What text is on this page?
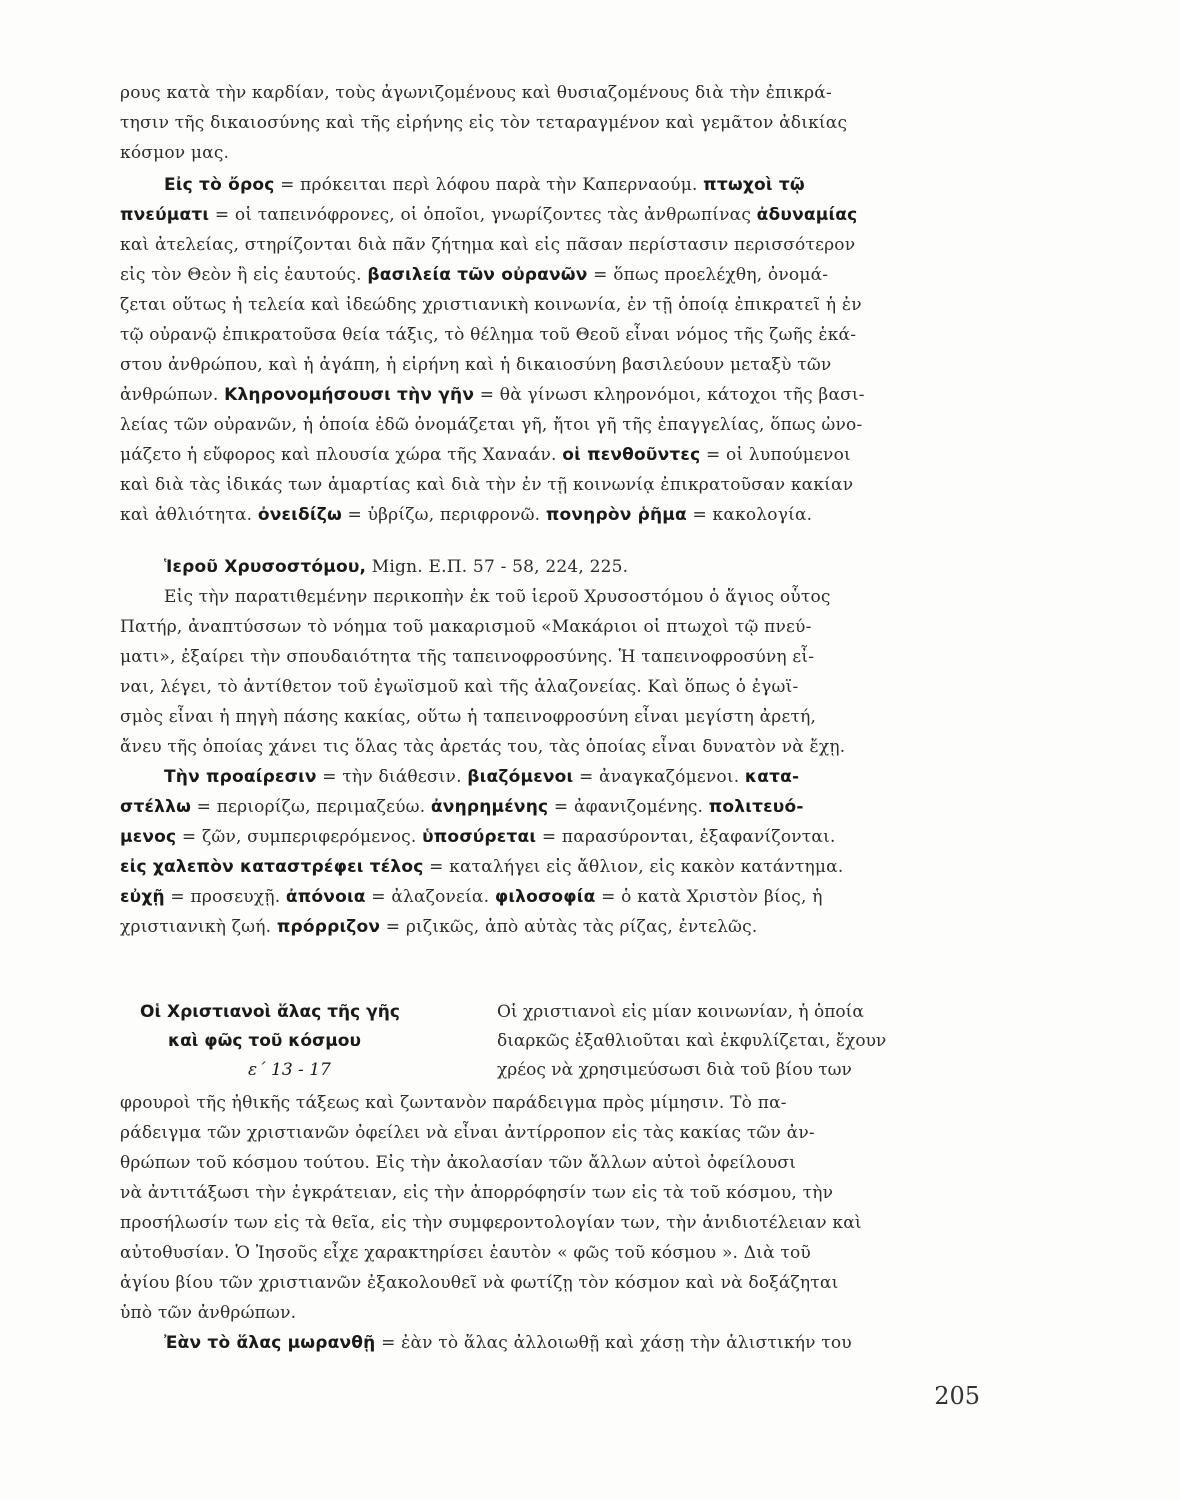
ρους κατὰ τὴν καρδίαν, τοὺς ἀγωνιζομένους καὶ θυσιαζομένους διὰ τὴν ἐπικρά-
τησιν τῆς δικαιοσύνης καὶ τῆς εἰρήνης εἰς τὸν τεταραγμένον καὶ γεμᾶτον ἀδικίας
κόσμον μας.
Εἰς τὸ ὄρος = πρόκειται περὶ λόφου παρὰ τὴν Καπερναούμ. πτωχοὶ τῷ
πνεύματι = οἱ ταπεινόφρονες, οἱ ὁποῖοι, γνωρίζοντες τὰς ἀνθρωπίνας ἀδυναμίας
καὶ ἀτελείας, στηρίζονται διὰ πᾶν ζήτημα καὶ εἰς πᾶσαν περίστασιν περισσότερον
εἰς τὸν Θεὸν ἢ εἰς ἑαυτούς. βασιλεία τῶν οὐρανῶν = ὅπως προελέχθη, ὀνομά-
ζεται οὕτως ἡ τελεία καὶ ἰδεώδης χριστιανικὴ κοινωνία, ἐν τῇ ὁποίᾳ ἐπικρατεῖ ἡ ἐν
τῷ οὐρανῷ ἐπικρατοῦσα θεία τάξις, τὸ θέλημα τοῦ Θεοῦ εἶναι νόμος τῆς ζωῆς ἑκά-
στου ἀνθρώπου, καὶ ἡ ἀγάπη, ἡ εἰρήνη καὶ ἡ δικαιοσύνη βασιλεύουν μεταξὺ τῶν
ἀνθρώπων. Κληρονομήσουσι τὴν γῆν = θὰ γίνωσι κληρονόμοι, κάτοχοι τῆς βασι-
λείας τῶν οὐρανῶν, ἡ ὁποία ἐδῶ ὀνομάζεται γῆ, ἤτοι γῆ τῆς ἐπαγγελίας, ὅπως ὠνο-
μάζετο ἡ εὔφορος καὶ πλουσία χώρα τῆς Χαναάν. οἱ πενθοῦντες = οἱ λυπούμενοι
καὶ διὰ τὰς ἰδικάς των ἁμαρτίας καὶ διὰ τὴν ἐν τῇ κοινωνίᾳ ἐπικρατοῦσαν κακίαν
καὶ ἀθλιότητα. ὀνειδίζω = ὑβρίζω, περιφρονῶ. πονηρὸν ῥῆμα = κακολογία.
Ἱεροῦ Χρυσοστόμου, Mign. E.Π. 57 - 58, 224, 225.
Εἰς τὴν παρατιθεμένην περικοπὴν ἐκ τοῦ ἱεροῦ Χρυσοστόμου ὁ ἅγιος οὗτος
Πατήρ, ἀναπτύσσων τὸ νόημα τοῦ μακαρισμοῦ «Μακάριοι οἱ πτωχοὶ τῷ πνεύ-
ματι», ἐξαίρει τὴν σπουδαιότητα τῆς ταπεινοφροσύνης. Ἡ ταπεινοφροσύνη εἶ-
ναι, λέγει, τὸ ἀντίθετον τοῦ ἐγωϊσμοῦ καὶ τῆς ἀλαζονείας. Καὶ ὅπως ὁ ἐγωϊ-
σμὸς εἶναι ἡ πηγὴ πάσης κακίας, οὕτω ἡ ταπεινοφροσύνη εἶναι μεγίστη ἀρετή,
ἄνευ τῆς ὁποίας χάνει τις ὅλας τὰς ἀρετάς του, τὰς ὁποίας εἶναι δυνατὸν νὰ ἔχῃ.
Τὴν προαίρεσιν = τὴν διάθεσιν. βιαζόμενοι = ἀναγκαζόμενοι. κατα-
στέλλω = περιορίζω, περιμαζεύω. ἀνηρημένης = ἀφανιζομένης. πολιτευό-
μενος = ζῶν, συμπεριφερόμενος. ὑποσύρεται = παρασύρονται, ἐξαφανίζονται.
εἰς χαλεπὸν καταστρέφει τέλος = καταλήγει εἰς ἄθλιον, εἰς κακὸν κατάντημα.
εὐχῇ = προσευχῇ. ἀπόνοια = ἀλαζονεία. φιλοσοφία = ὁ κατὰ Χριστὸν βίος, ἡ
χριστιανικὴ ζωή. πρόρριζον = ριζικῶς, ἀπὸ αὐτὰς τὰς ρίζας, ἐντελῶς.
Οἱ Χριστιανοὶ ἅλας τῆς γῆς
καὶ φῶς τοῦ κόσμου
ε΄ 13 - 17
Οἱ χριστιανοὶ εἰς μίαν κοινωνίαν, ἡ ὁποία
διαρκῶς ἐξαθλιοῦται καὶ ἐκφυλίζεται, ἔχουν
χρέος νὰ χρησιμεύσωσι διὰ τοῦ βίου των
φρουροὶ τῆς ἠθικῆς τάξεως καὶ ζωντανὸν παράδειγμα πρὸς μίμησιν. Τὸ πα-
ράδειγμα τῶν χριστιανῶν ὀφείλει νὰ εἶναι ἀντίρροπον εἰς τὰς κακίας τῶν ἀν-
θρώπων τοῦ κόσμου τούτου. Εἰς τὴν ἀκολασίαν τῶν ἄλλων αὐτοὶ ὀφείλουσι
νὰ ἀντιτάξωσι τὴν ἐγκράτειαν, εἰς τὴν ἀπορρόφησίν των εἰς τὰ τοῦ κόσμου, τὴν
προσήλωσίν των εἰς τὰ θεῖα, εἰς τὴν συμφεροντολογίαν των, τὴν ἀνιδιοτέλειαν καὶ
αὐτοθυσίαν. Ὁ Ἰησοῦς εἶχε χαρακτηρίσει ἑαυτὸν « φῶς τοῦ κόσμου ». Διὰ τοῦ
ἁγίου βίου τῶν χριστιανῶν ἐξακολουθεῖ νὰ φωτίζῃ τὸν κόσμον καὶ νὰ δοξάζηται
ὑπὸ τῶν ἀνθρώπων.
Ἐὰν τὸ ἅλας μωρανθῇ = ἐὰν τὸ ἅλας ἀλλοιωθῇ καὶ χάσῃ τὴν ἁλιστικήν του
205
